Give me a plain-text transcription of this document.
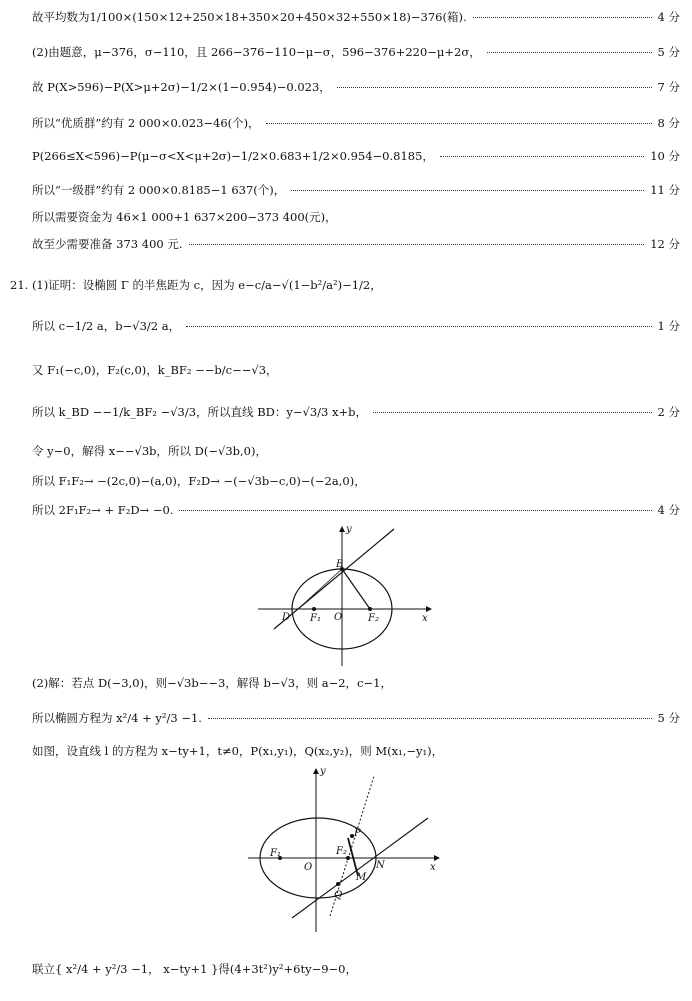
故平均数为1/100×(150×12+250×18+350×20+450×32+550×18)−376(箱).	4 分
(2)由题意，μ−376，σ−110，且 266−376−110−μ−σ，596−376+220−μ+2σ，	5 分
故 P(X>596)−P(X>μ+2σ)−1/2×(1−0.954)−0.023，	7 分
所以“优质群”约有 2 000×0.023−46(个)，	8 分
P(266≤X<596)−P(μ−σ<X<μ+2σ)−1/2×0.683+1/2×0.954−0.8185，	10 分
所以“一级群”约有 2 000×0.8185−1 637(个)，	11 分
所以需要资金为 46×1 000+1 637×200−373 400(元)，
故至少需要准备 373 400 元.	12 分
21. (1)证明：设椭圆 Γ 的半焦距为 c，因为 e−c/a−√(1−b²/a²)−1/2，
所以 c−1/2 a，b−√3/2 a，	1 分
又 F₁(−c,0)，F₂(c,0)，k_BF₂ −−b/c−−√3，
所以 k_BD −−1/k_BF₂ −√3/3，所以直线 BD：y−√3/3 x+b，	2 分
令 y−0，解得 x−−√3b，所以 D(−√3b,0)，
所以 F₁F₂→ −(2c,0)−(a,0)，F₂D→ −(−√3b−c,0)−(−2a,0)，
所以 2F₁F₂→ + F₂D→ −0.	4 分
y
x
B
D F₁ O	F₂
(2)解：若点 D(−3,0)，则−√3b−−3，解得 b−√3，则 a−2，c−1，
所以椭圆方程为 x²/4 + y²/3 −1.	5 分
如图，设直线 l 的方程为 x−ty+1，t≠0，P(x₁,y₁)，Q(x₂,y₂)，则 M(x₁,−y₁)，
y
x
P
F₁
O
F₂
N
M
Q
联立{ x²/4 + y²/3 −1， x−ty+1 }得(4+3t²)y²+6ty−9−0，
